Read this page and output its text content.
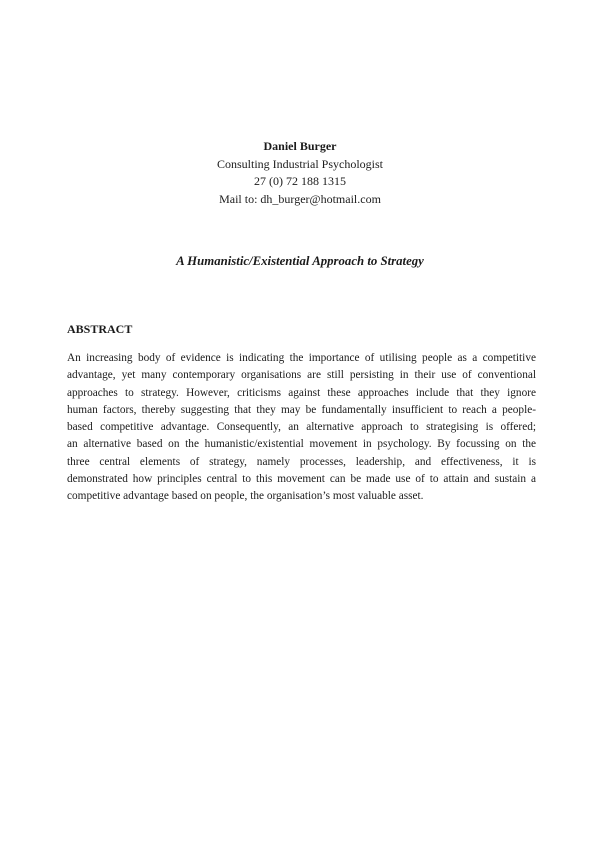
Daniel Burger
Consulting Industrial Psychologist
27 (0) 72 188 1315
Mail to: dh_burger@hotmail.com
A Humanistic/Existential Approach to Strategy
ABSTRACT
An increasing body of evidence is indicating the importance of utilising people as a competitive
advantage, yet many contemporary organisations are still persisting in their use of conventional
approaches to strategy. However, criticisms against these approaches include that they ignore
human factors, thereby suggesting that they may be fundamentally insufficient to reach a people-
based competitive advantage. Consequently, an alternative approach to strategising is offered;
an alternative based on the humanistic/existential movement in psychology. By focussing on the
three central elements of strategy, namely processes, leadership, and effectiveness, it is
demonstrated how principles central to this movement can be made use of to attain and sustain a
competitive advantage based on people, the organisation’s most valuable asset.
